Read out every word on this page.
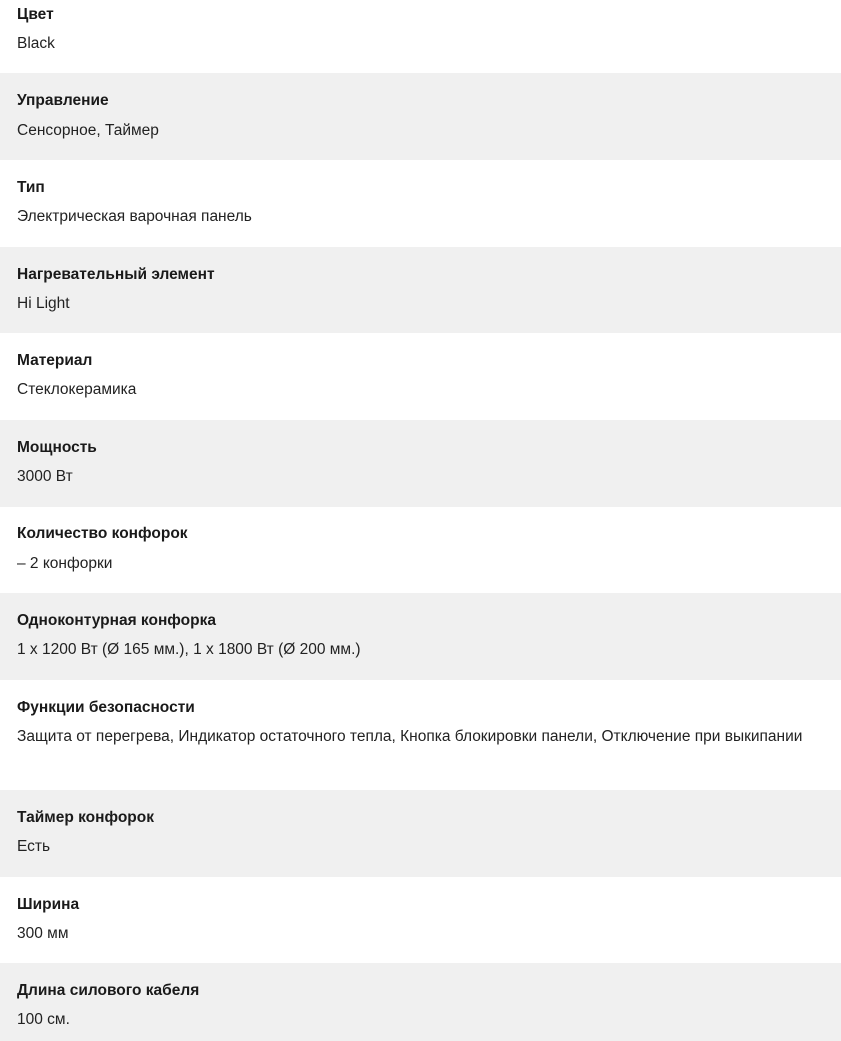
Цвет
Black
Управление
Сенсорное, Таймер
Тип
Электрическая варочная панель
Нагревательный элемент
Hi Light
Материал
Стеклокерамика
Мощность
3000 Вт
Количество конфорок
– 2 конфорки
Одноконтурная конфорка
1 x 1200 Вт (Ø 165 мм.), 1 x 1800 Вт (Ø 200 мм.)
Функции безопасности
Защита от перегрева, Индикатор остаточного тепла, Кнопка блокировки панели, Отключение при выкипании
Таймер конфорок
Есть
Ширина
300 мм
Длина силового кабеля
100 см.
